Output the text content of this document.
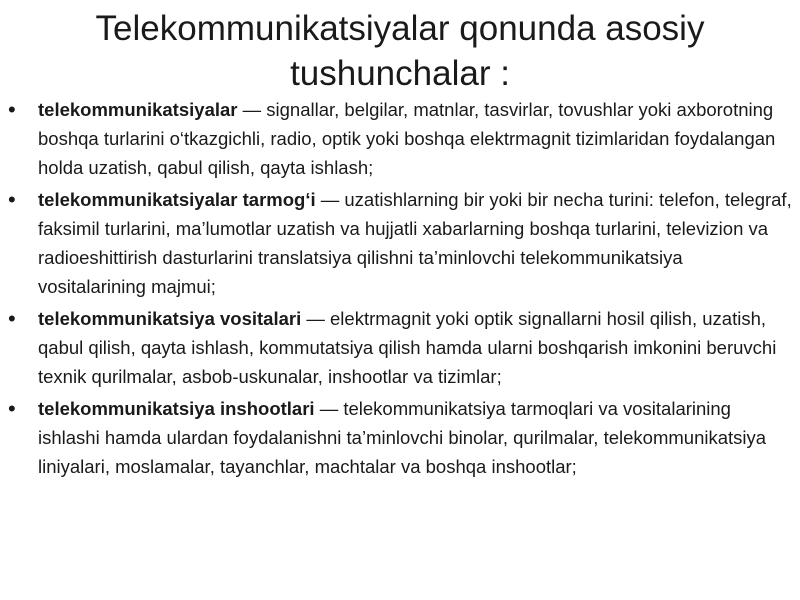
Telekommunikatsiyalar qonunda asosiy tushunchalar :
• telekommunikatsiyalar — signallar, belgilar, matnlar, tasvirlar, tovushlar yoki axborotning boshqa turlarini o‘tkazgichli, radio, optik yoki boshqa elektrmagnit tizimlaridan foydalangan holda uzatish, qabul qilish, qayta ishlash;
• telekommunikatsiyalar tarmog‘i — uzatishlarning bir yoki bir necha turini: telefon, telegraf, faksimil turlarini, ma’lumotlar uzatish va hujjatli xabarlarning boshqa turlarini, televizion va radioeshittirish dasturlarini translatsiya qilishni ta’minlovchi telekommunikatsiya vositalarining majmui;
• telekommunikatsiya vositalari — elektrmagnit yoki optik signallarni hosil qilish, uzatish, qabul qilish, qayta ishlash, kommutatsiya qilish hamda ularni boshqarish imkonini beruvchi texnik qurilmalar, asbob-uskunalar, inshootlar va tizimlar;
• telekommunikatsiya inshootlari — telekommunikatsiya tarmoqlari va vositalarining ishlashi hamda ulardan foydalanishni ta’minlovchi binolar, qurilmalar, telekommunikatsiya liniyalari, moslamalar, tayanchlar, machtalar va boshqa inshootlar;
